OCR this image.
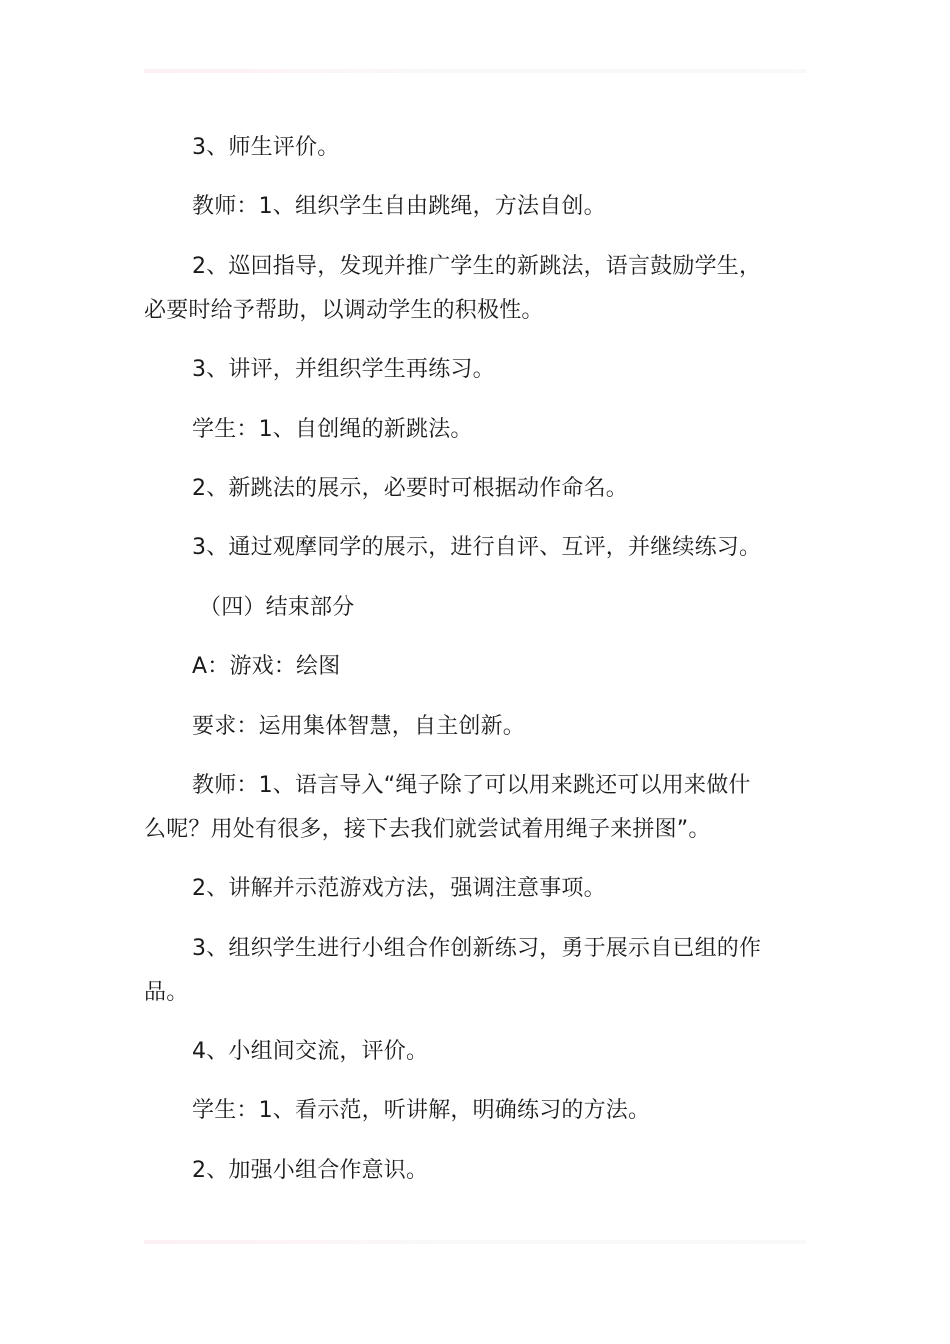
3、师生评价。

教师：1、组织学生自由跳绳，方法自创。

2、巡回指导，发现并推广学生的新跳法，语言鼓励学生，
必要时给予帮助，以调动学生的积极性。

3、讲评，并组织学生再练习。

学生：1、自创绳的新跳法。

2、新跳法的展示，必要时可根据动作命名。

3、通过观摩同学的展示，进行自评、互评，并继续练习。

（四）结束部分

A：游戏：绘图

要求：运用集体智慧，自主创新。

教师：1、语言导入“绳子除了可以用来跳还可以用来做什
么呢？用处有很多，接下去我们就尝试着用绳子来拼图”。

2、讲解并示范游戏方法，强调注意事项。

3、组织学生进行小组合作创新练习，勇于展示自已组的作
品。

4、小组间交流，评价。

学生：1、看示范，听讲解，明确练习的方法。

2、加强小组合作意识。
